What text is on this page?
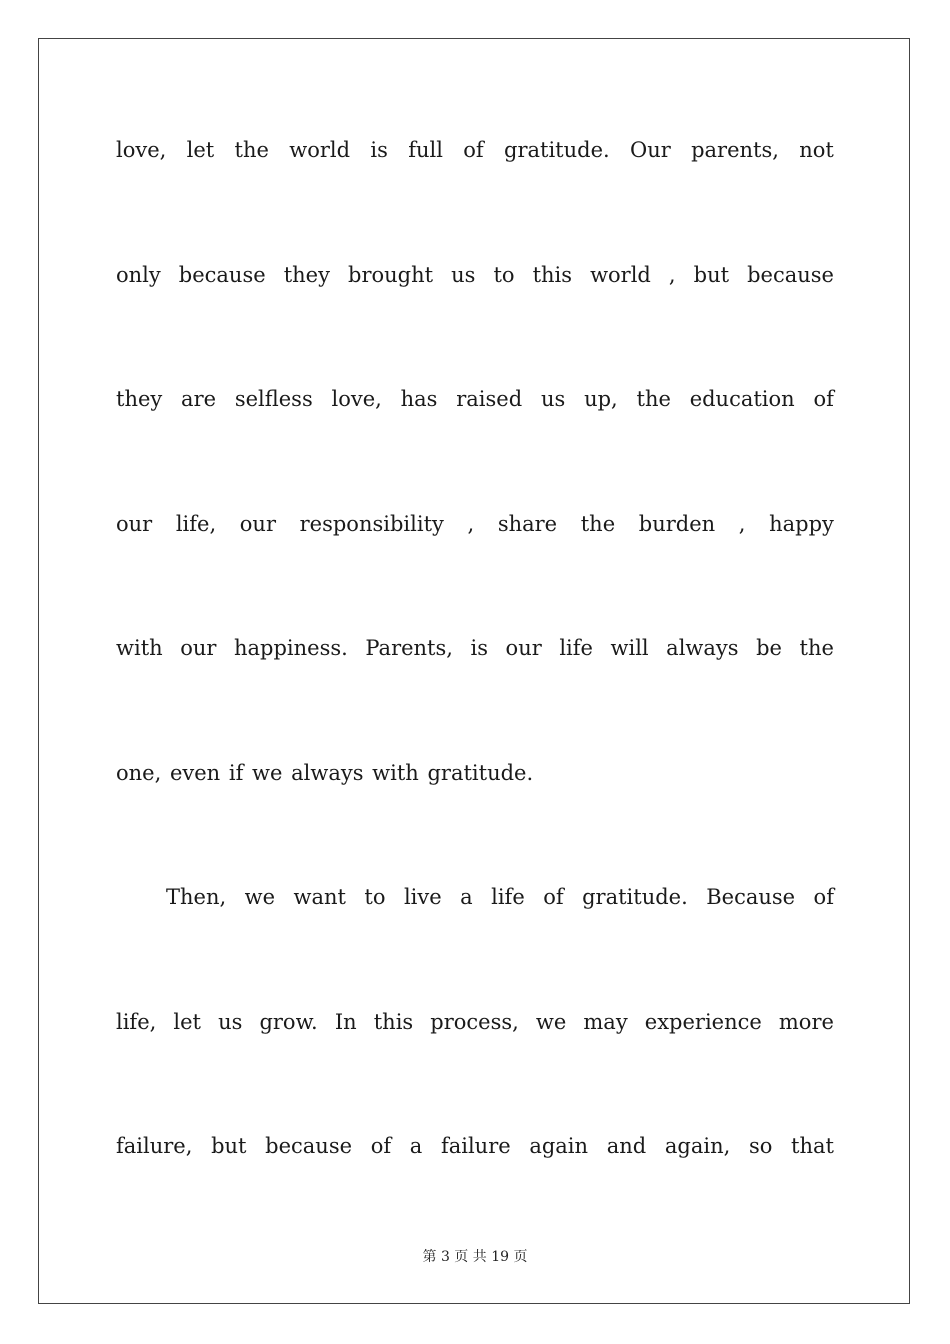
love, let the world is full of gratitude. Our parents, not
only because they brought us to this world , but because
they are selfless love, has raised us up, the education of
our life, our responsibility , share the burden , happy
with our happiness. Parents, is our life will always be the
one, even if we always with gratitude.
Then, we want to live a life of gratitude. Because of
life, let us grow. In this process, we may experience more
failure, but because of a failure again and again, so that
第 3 页 共 19 页
